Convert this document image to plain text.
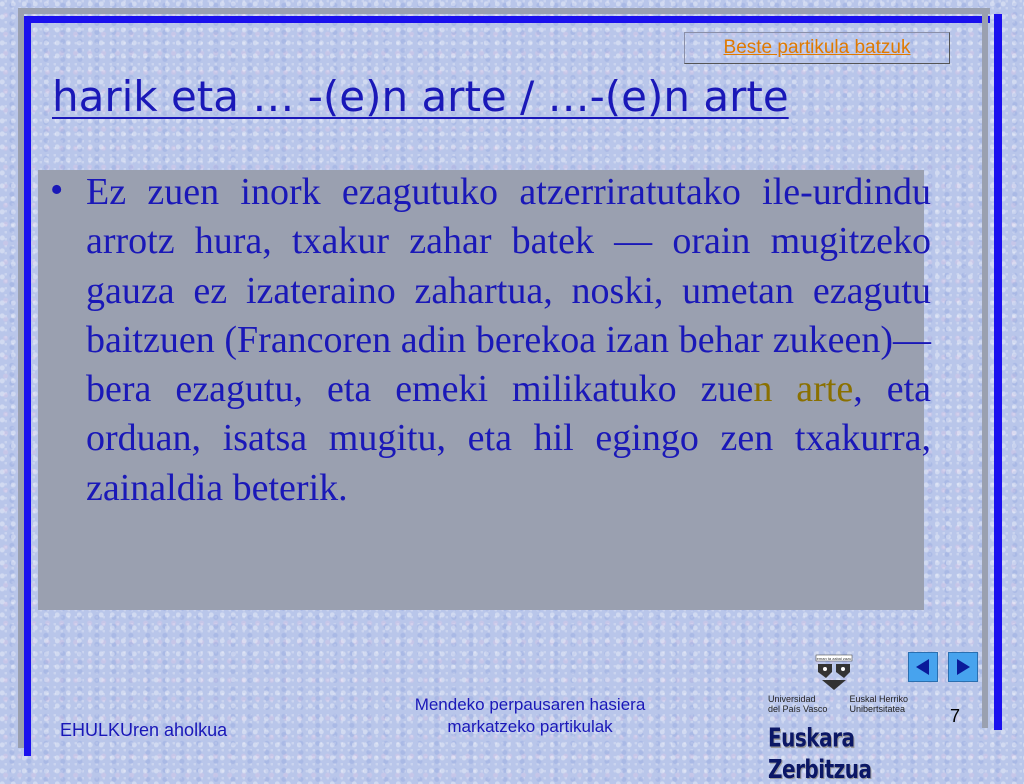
Beste partikula batzuk
harik eta … -(e)n arte / …-(e)n arte
• Ez zuen inork ezagutuko atzerriratutako ile-urdindu arrotz hura, txakur zahar batek — orain mugitzeko gauza ez izateraino zahartua, noski, umetan ezagutu baitzuen (Francoren adin berekoa izan behar zukeen)— bera ezagutu, eta emeki milikatuko zuen arte, eta orduan, isatsa mugitu, eta hil egingo zen txakurra, zainaldia beterik.
EHULKUren aholkua
Mendeko perpausaren hasiera
markatzeko partikulak
eman ta zabal zazu
Universidad
del País Vasco
Euskal Herriko
Unibertsitatea
Euskara Zerbitzua
7
